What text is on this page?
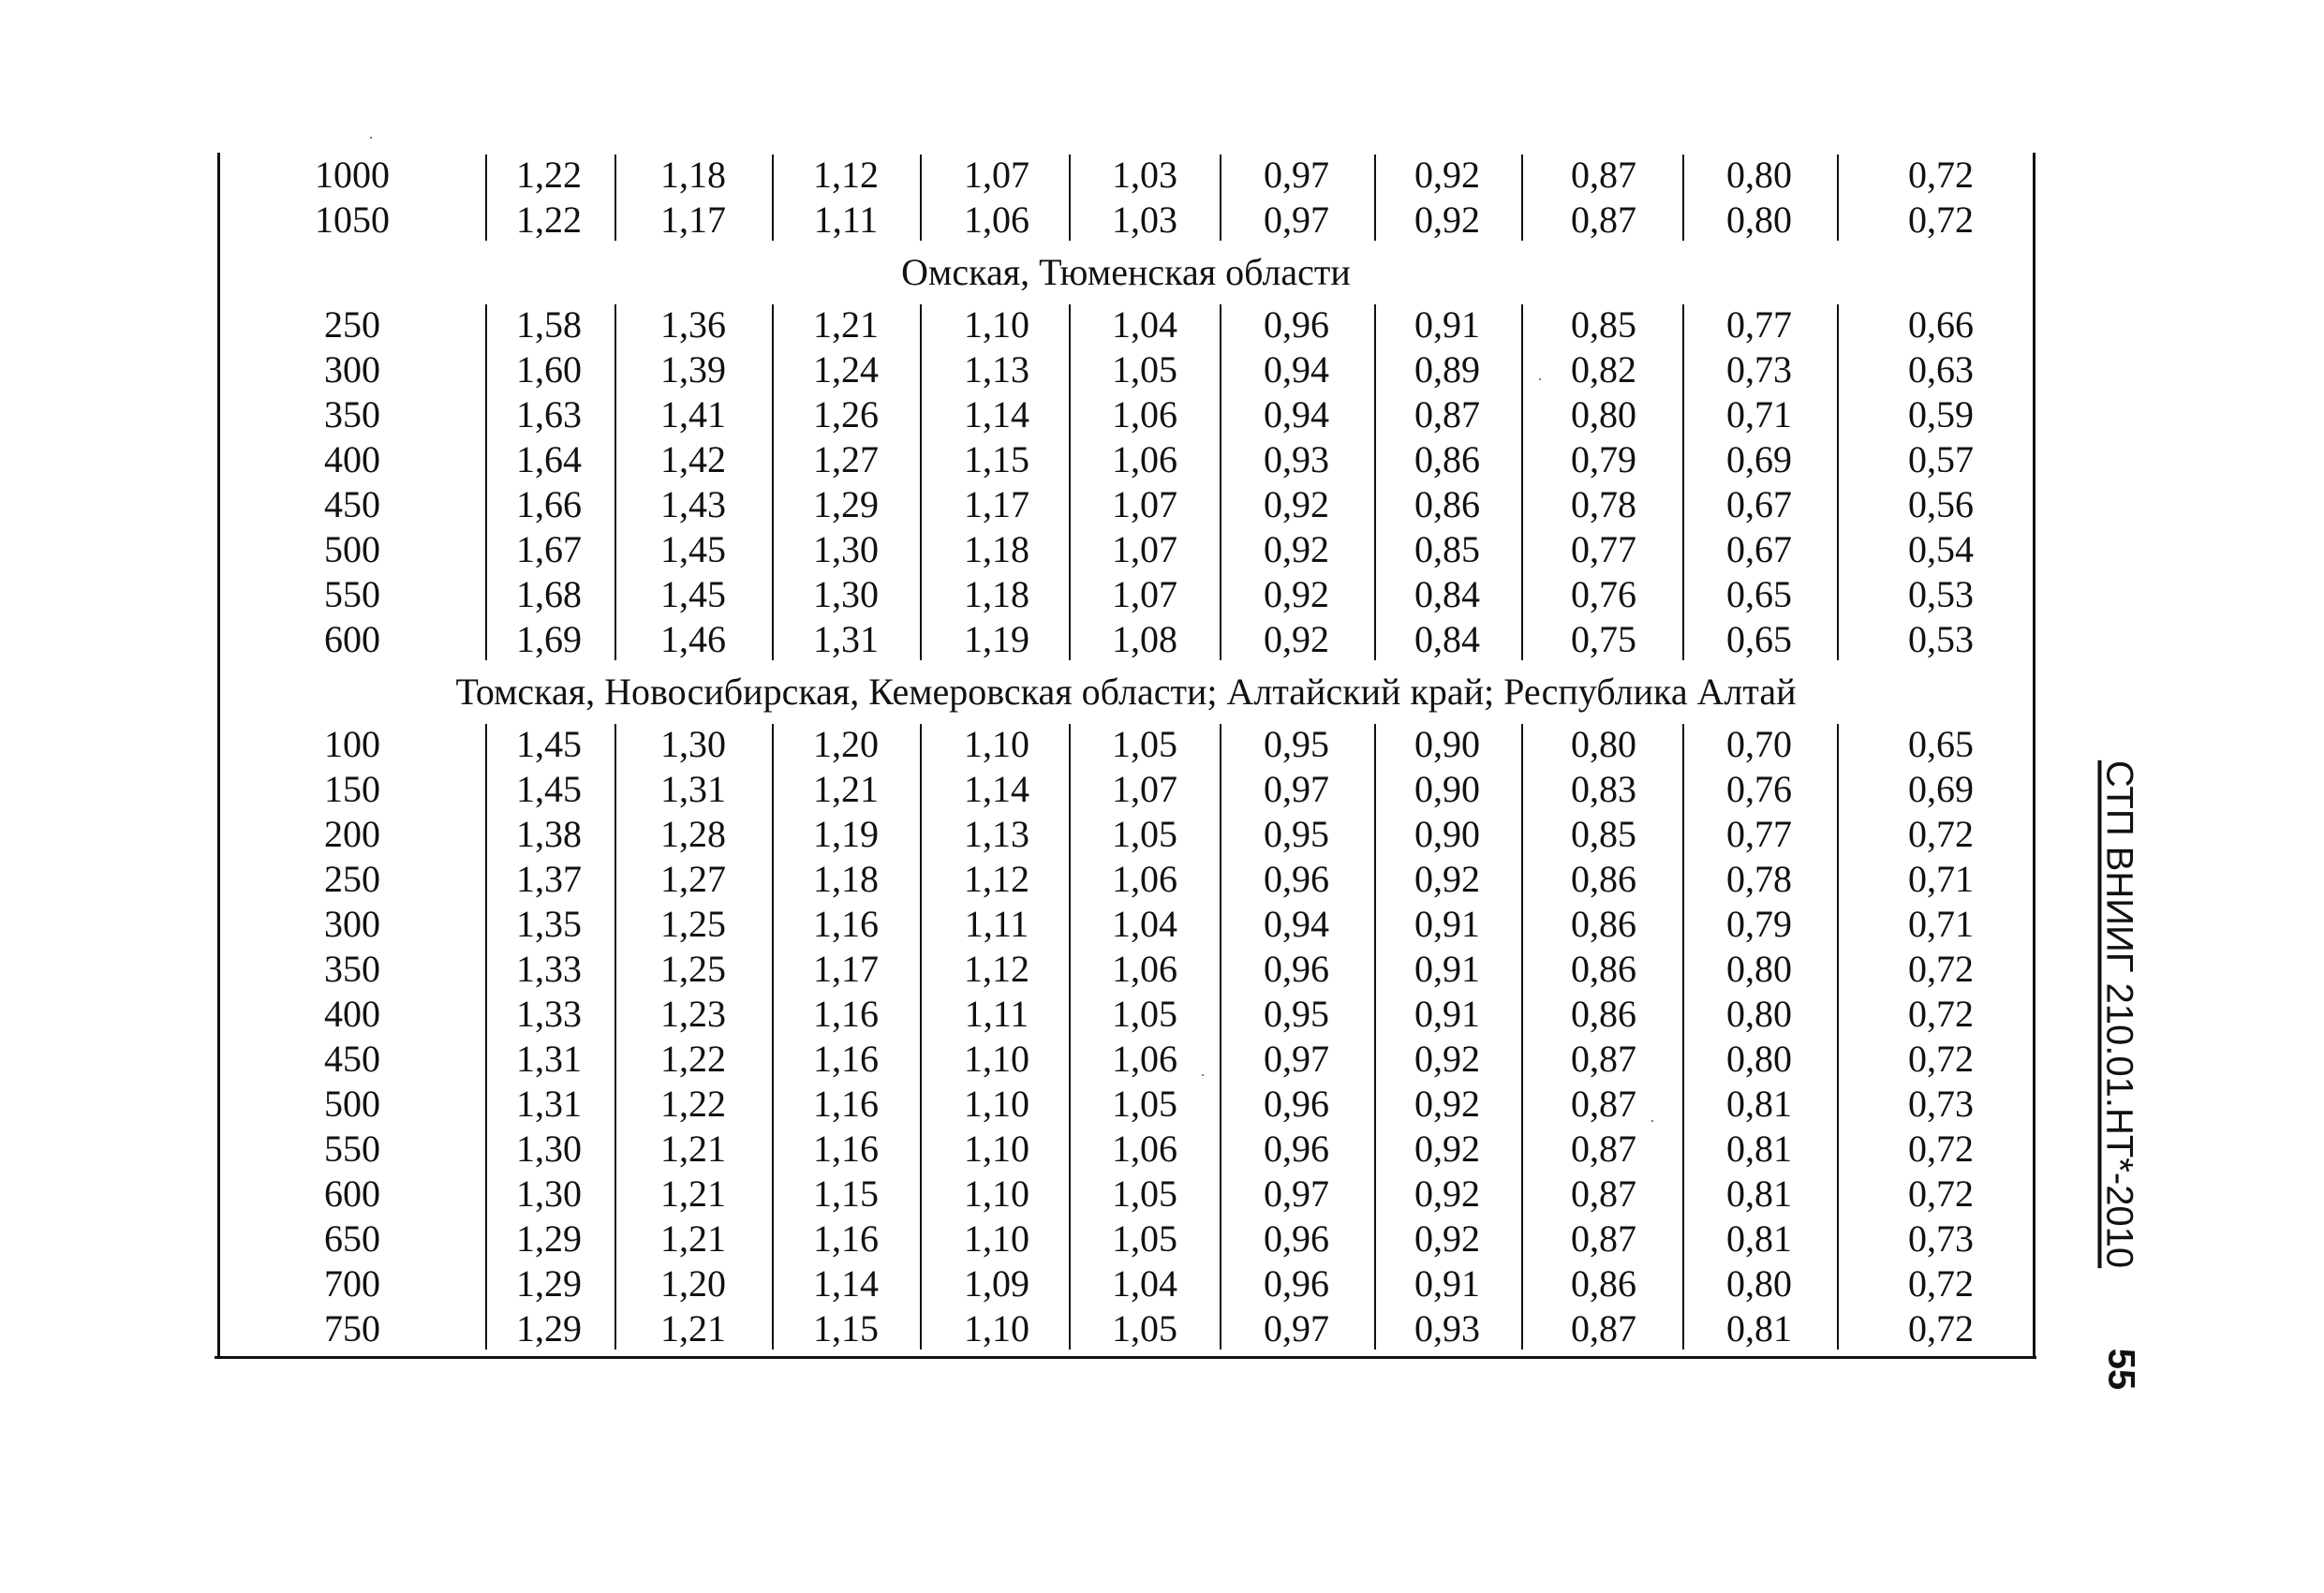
1000	1,22	1,18	1,12	1,07	1,03	0,97	0,92	0,87	0,80	0,72
1050	1,22	1,17	1,11	1,06	1,03	0,97	0,92	0,87	0,80	0,72
Омская, Тюменская области
250	1,58	1,36	1,21	1,10	1,04	0,96	0,91	0,85	0,77	0,66
300	1,60	1,39	1,24	1,13	1,05	0,94	0,89	0,82	0,73	0,63
350	1,63	1,41	1,26	1,14	1,06	0,94	0,87	0,80	0,71	0,59
400	1,64	1,42	1,27	1,15	1,06	0,93	0,86	0,79	0,69	0,57
450	1,66	1,43	1,29	1,17	1,07	0,92	0,86	0,78	0,67	0,56
500	1,67	1,45	1,30	1,18	1,07	0,92	0,85	0,77	0,67	0,54
550	1,68	1,45	1,30	1,18	1,07	0,92	0,84	0,76	0,65	0,53
600	1,69	1,46	1,31	1,19	1,08	0,92	0,84	0,75	0,65	0,53
Томская, Новосибирская, Кемеровская области; Алтайский край; Республика Алтай
100	1,45	1,30	1,20	1,10	1,05	0,95	0,90	0,80	0,70	0,65
150	1,45	1,31	1,21	1,14	1,07	0,97	0,90	0,83	0,76	0,69
200	1,38	1,28	1,19	1,13	1,05	0,95	0,90	0,85	0,77	0,72
250	1,37	1,27	1,18	1,12	1,06	0,96	0,92	0,86	0,78	0,71
300	1,35	1,25	1,16	1,11	1,04	0,94	0,91	0,86	0,79	0,71
350	1,33	1,25	1,17	1,12	1,06	0,96	0,91	0,86	0,80	0,72
400	1,33	1,23	1,16	1,11	1,05	0,95	0,91	0,86	0,80	0,72
450	1,31	1,22	1,16	1,10	1,06	0,97	0,92	0,87	0,80	0,72
500	1,31	1,22	1,16	1,10	1,05	0,96	0,92	0,87	0,81	0,73
550	1,30	1,21	1,16	1,10	1,06	0,96	0,92	0,87	0,81	0,72
600	1,30	1,21	1,15	1,10	1,05	0,97	0,92	0,87	0,81	0,72
650	1,29	1,21	1,16	1,10	1,05	0,96	0,92	0,87	0,81	0,73
700	1,29	1,20	1,14	1,09	1,04	0,96	0,91	0,86	0,80	0,72
750	1,29	1,21	1,15	1,10	1,05	0,97	0,93	0,87	0,81	0,72
СТП ВНИИГ 210.01.НТ*-2010
55
